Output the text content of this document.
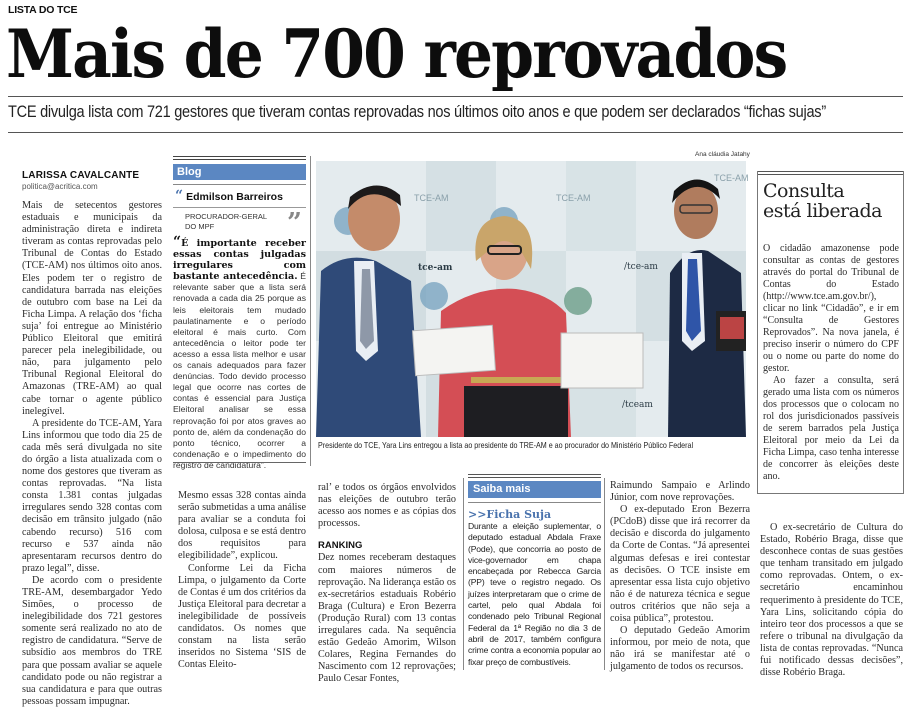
LISTA DO TCE
Mais de 700 reprovados
TCE divulga lista com 721 gestores que tiveram contas reprovadas nos últimos oito anos e que podem ser declarados “fichas sujas”
LARISSA CAVALCANTE
politica@acritica.com

Mais de setecentos gestores estaduais e municipais da administração direta e indireta tiveram as contas reprovadas pelo Tribunal de Contas do Estado (TCE-AM) nos últimos oito anos. Eles podem ter o registro de candidatura barrada nas eleições de outubro com base na Lei da Ficha Limpa. A relação dos ‘ficha suja’ foi entregue ao Ministério Público Eleitoral que emitirá parecer pela inelegibilidade, ou não, para julgamento pelo Tribunal Regional Eleitoral do Amazonas (TRE-AM) ao qual cabe tornar o agente público inelegível.

A presidente do TCE-AM, Yara Lins informou que todo dia 25 de cada mês será divulgada no site do órgão a lista atualizada com o nome dos gestores que tiveram as contas reprovadas. “Na lista consta 1.381 contas julgadas irregulares sendo 328 contas com decisão em trânsito julgado (não cabendo recurso) 516 com recurso e 537 ainda não apresentaram recursos dentro do prazo legal”, disse.

De acordo com o presidente TRE-AM, desembargador Yedo Simões, o processo de inelegibilidade dos 721 gestores somente será realizado no ato de registro de candidatura. “Serve de subsídio aos membros do TRE para que possam avaliar se aquele candidato pode ou não registrar a sua candidatura e para que outras pessoas possam impugnar.

Blog
“ Edmilson Barreiros
PROCURADOR-GERAL
DO MPF	”
“É importante receber essas contas julgadas irregulares com bastante antecedência. É relevante saber que a lista será renovada a cada dia 25 porque as leis eleitorais tem mudado paulatinamente e o período eleitoral é mais curto. Com antecedência o leitor pode ter acesso a essa lista melhor e usar os canais adequados para fazer denúncias. Todo devido processo legal que ocorre nas cortes de contas é essencial para Justiça Eleitoral analisar se essa reprovação foi por atos graves ao ponto de, além da condenação do ponto técnico, ocorrer a condenação e o impedimento do registro de candidatura”.

Mesmo essas 328 contas ainda serão submetidas a uma análise para avaliar se a conduta foi dolosa, culposa e se está dentro dos requisitos para elegibilidade”, explicou.

Conforme Lei da Ficha Limpa, o julgamento da Corte de Contas é um dos critérios da Justiça Eleitoral para decretar a inelegibilidade de possíveis candidatos. Os nomes que constam na lista serão inseridos no Sistema ‘SIS de Contas Eleito-

Ana cláudia Jatahy
TCE-AM	TCE-AM
TCE-AM
tce-am	/tce-am
/tceam
Presidente do TCE, Yara Lins entregou a lista ao presidente do TRE-AM e ao procurador do Ministério Público Federal

ral’ e todos os órgãos envolvidos nas eleições de outubro terão acesso aos nomes e as cópias dos processos.

RANKING

Dez nomes receberam destaques com maiores números de reprovação. Na liderança estão os ex-secretários estaduais Robério Braga (Cultura) e Eron Bezerra (Produção Rural) com 13 contas irregulares cada. Na sequência estão Gedeão Amorim, Wilson Colares, Regina Fernandes do Nascimento com 12 reprovações; Paulo Cesar Fontes,

Saiba mais
>>Ficha Suja
Durante a eleição suplementar, o deputado estadual Abdala Fraxe (Pode), que concorria ao posto de vice-governador em chapa encabeçada por Rebecca Garcia (PP) teve o registro negado. Os juízes interpretaram que o crime de cartel, pelo qual Abdala foi condenado pelo Tribunal Regional Federal da 1ª Região no dia 3 de abril de 2017, também configura crime contra a economia popular ao fixar preço de combustíveis.

Raimundo Sampaio e Arlindo Júnior, com nove reprovações.

O ex-deputado Eron Bezerra (PCdoB) disse que irá recorrer da decisão e discorda do julgamento da Corte de Contas. “Já apresentei algumas defesas e irei contestar as decisões. O TCE insiste em apresentar essa lista cujo objetivo não é de natureza técnica e segue outros critérios que não seja a coisa pública”, protestou.

O deputado Gedeão Amorim informou, por meio de nota, que não irá se manifestar até o julgamento de todos os recursos.

Consulta
está liberada

O cidadão amazonense pode consultar as contas de gestores através do portal do Tribunal de Contas do Estado (http://www.tce.am.gov.br/), clicar no link “Cidadão”, e ir em “Consulta de Gestores Reprovados”. Na nova janela, é preciso inserir o número do CPF ou o nome ou parte do nome do gestor.

Ao fazer a consulta, será gerado uma lista com os números dos processos que o colocam no rol dos jurisdicionados passíveis de serem barrados pela Justiça Eleitoral por meio da Lei da Ficha Limpa, caso tenha interesse de concorrer às eleições deste ano.

O ex-secretário de Cultura do Estado, Robério Braga, disse que desconhece contas de suas gestões que tenham transitado em julgado como reprovadas. Ontem, o ex-secretário encaminhou requerimento à presidente do TCE, Yara Lins, solicitando cópia do inteiro teor dos processos a que se refere o tribunal na divulgação da lista de contas reprovadas. “Nunca fui notificado dessas decisões”, disse Robério Braga.
